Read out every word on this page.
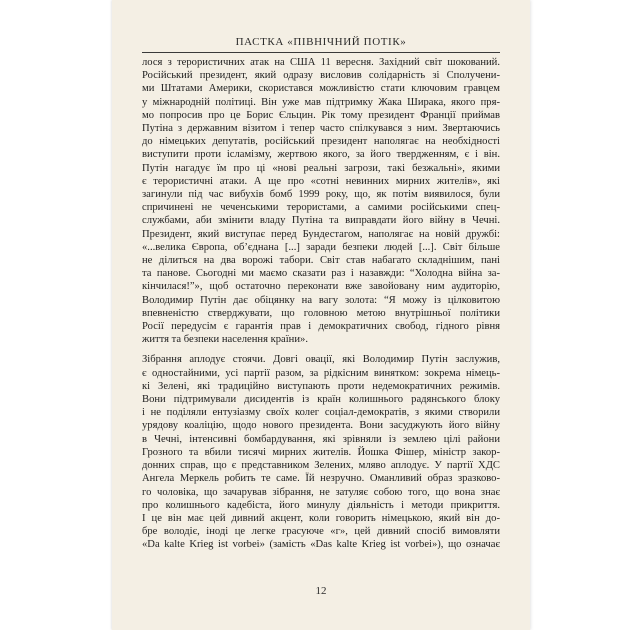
ПАСТКА «ПІВНІЧНИЙ ПОТІК»

лося з терористичних атак на США 11 вересня. Західний світ шокований.
Російський президент, який одразу висловив солідарність зі Сполучени-
ми Штатами Америки, скористався можливістю стати ключовим гравцем
у міжнародній політиці. Він уже мав підтримку Жака Ширака, якого пря-
мо попросив про це Борис Єльцин. Рік тому президент Франції приймав
Путіна з державним візитом і тепер часто спілкувався з ним. Звертаючись
до німецьких депутатів, російський президент наполягає на необхідності
виступити проти ісламізму, жертвою якого, за його твердженням, є і він.
Путін нагадує їм про ці «нові реальні загрози, такі безжальні», якими
є терористичні атаки. А ще про «сотні невинних мирних жителів», які
загинули під час вибухів бомб 1999 року, що, як потім виявилося, були
спричинені не чеченськими терористами, а самими російськими спец-
службами, аби змінити владу Путіна та виправдати його війну в Чечні.
Президент, який виступає перед Бундестагом, наполягає на новій дружбі:
«...велика Європа, об’єднана [...] заради безпеки людей [...]. Світ більше
не ділиться на два ворожі табори. Світ став набагато складнішим, пані
та панове. Сьогодні ми маємо сказати раз і назавжди: “Холодна війна за-
кінчилася!”», щоб остаточно переконати вже завойовану ним аудиторію,
Володимир Путін дає обіцянку на вагу золота: “Я можу із цілковитою
впевненістю стверджувати, що головною метою внутрішньої політики
Росії передусім є гарантія прав і демократичних свобод, гідного рівня
життя та безпеки населення країни».

Зібрання аплодує стоячи. Довгі овації, які Володимир Путін заслужив,
є одностайними, усі партії разом, за рідкісним винятком: зокрема німець-
кі Зелені, які традиційно виступають проти недемократичних режимів.
Вони підтримували дисидентів із країн колишнього радянського блоку
і не поділяли ентузіазму своїх колег соціал-демократів, з якими створили
урядову коаліцію, щодо нового президента. Вони засуджують його війну
в Чечні, інтенсивні бомбардування, які зрівняли із землею цілі райони
Грозного та вбили тисячі мирних жителів. Йошка Фішер, міністр закор-
донних справ, що є представником Зелених, мляво аплодує. У партії ХДС
Ангела Меркель робить те саме. Їй незручно. Оманливий образ зразково-
го чоловіка, що зачарував зібрання, не затуляє собою того, що вона знає
про колишнього кадебіста, його минулу діяльність і методи прикриття.
І це він має цей дивний акцент, коли говорить німецькою, який він до-
бре володіє, іноді це легке грасуюче «г», цей дивний спосіб вимовляти
«Da kalte Krieg ist vorbei» (замість «Das kalte Krieg ist vorbei»), що означає

12
